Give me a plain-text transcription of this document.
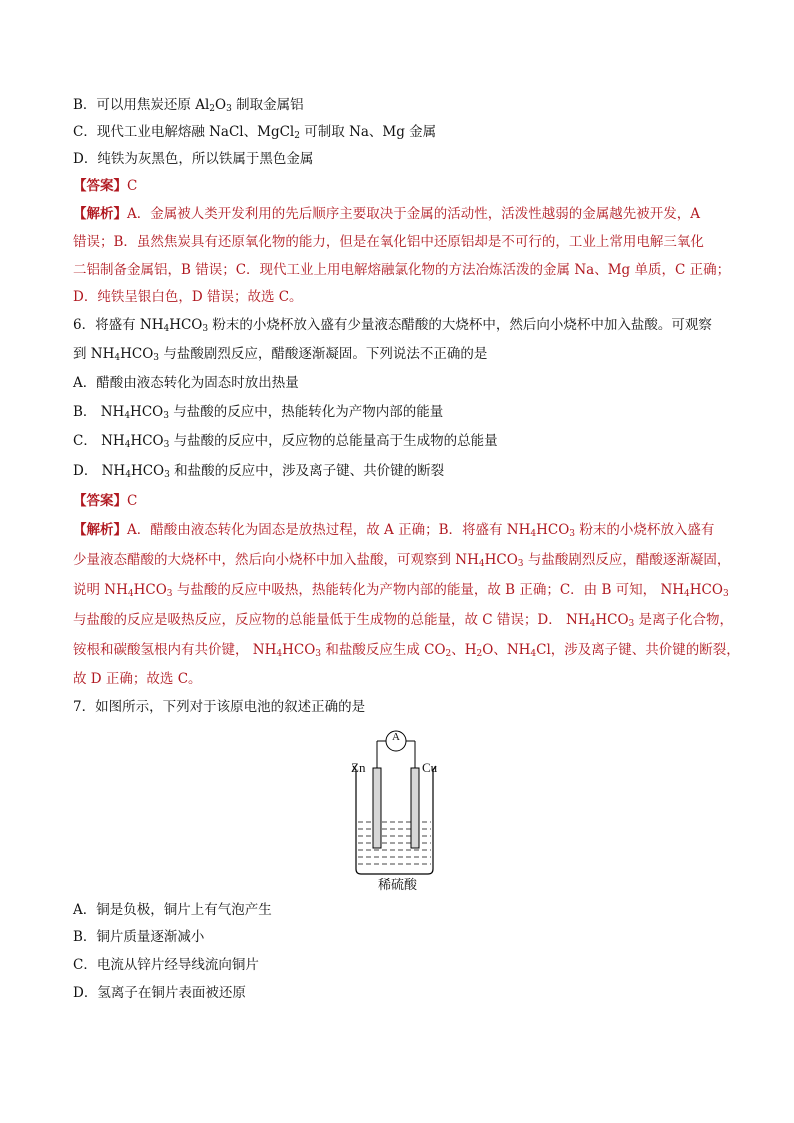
B．可以用焦炭还原 $Al_2O_3$ 制取金属铝
C．现代工业电解熔融 NaCl、MgCl$_2$ 可制取 Na、Mg 金属
D．纯铁为灰黑色，所以铁属于黑色金属
【答案】C
【解析】A．金属被人类开发利用的先后顺序主要取决于金属的活动性，活泼性越弱的金属越先被开发，A
错误；B．虽然焦炭具有还原氧化物的能力，但是在氧化铝中还原铝却是不可行的，工业上常用电解三氧化
二铝制备金属铝，B 错误；C．现代工业上用电解熔融氯化物的方法冶炼活泼的金属 Na、Mg 单质，C 正确；
D．纯铁呈银白色，D 错误；故选 C。
6．将盛有 $NH_4HCO_3$ 粉末的小烧杯放入盛有少量液态醋酸的大烧杯中，然后向小烧杯中加入盐酸。可观察
到 $NH_4HCO_3$ 与盐酸剧烈反应，醋酸逐渐凝固。下列说法不正确的是
A．醋酸由液态转化为固态时放出热量
B． $NH_4HCO_3$ 与盐酸的反应中，热能转化为产物内部的能量
C． $NH_4HCO_3$ 与盐酸的反应中，反应物的总能量高于生成物的总能量
D． $NH_4HCO_3$ 和盐酸的反应中，涉及离子键、共价键的断裂
【答案】C
【解析】A．醋酸由液态转化为固态是放热过程，故 A 正确；B．将盛有 $NH_4HCO_3$ 粉末的小烧杯放入盛有
少量液态醋酸的大烧杯中，然后向小烧杯中加入盐酸，可观察到 $NH_4HCO_3$ 与盐酸剧烈反应，醋酸逐渐凝固，
说明 $NH_4HCO_3$ 与盐酸的反应中吸热，热能转化为产物内部的能量，故 B 正确；C．由 B 可知， $NH_4HCO_3$
与盐酸的反应是吸热反应，反应物的总能量低于生成物的总能量，故 C 错误；D． $NH_4HCO_3$ 是离子化合物，
铵根和碳酸氢根内有共价键， $NH_4HCO_3$ 和盐酸反应生成 $CO_2$、$H_2O$、$NH_4Cl$，涉及离子键、共价键的断裂，
故 D 正确；故选 C。
7．如图所示，下列对于该原电池的叙述正确的是
A
Zn	Cu
稀硫酸
A．铜是负极，铜片上有气泡产生
B．铜片质量逐渐减小
C．电流从锌片经导线流向铜片
D．氢离子在铜片表面被还原
